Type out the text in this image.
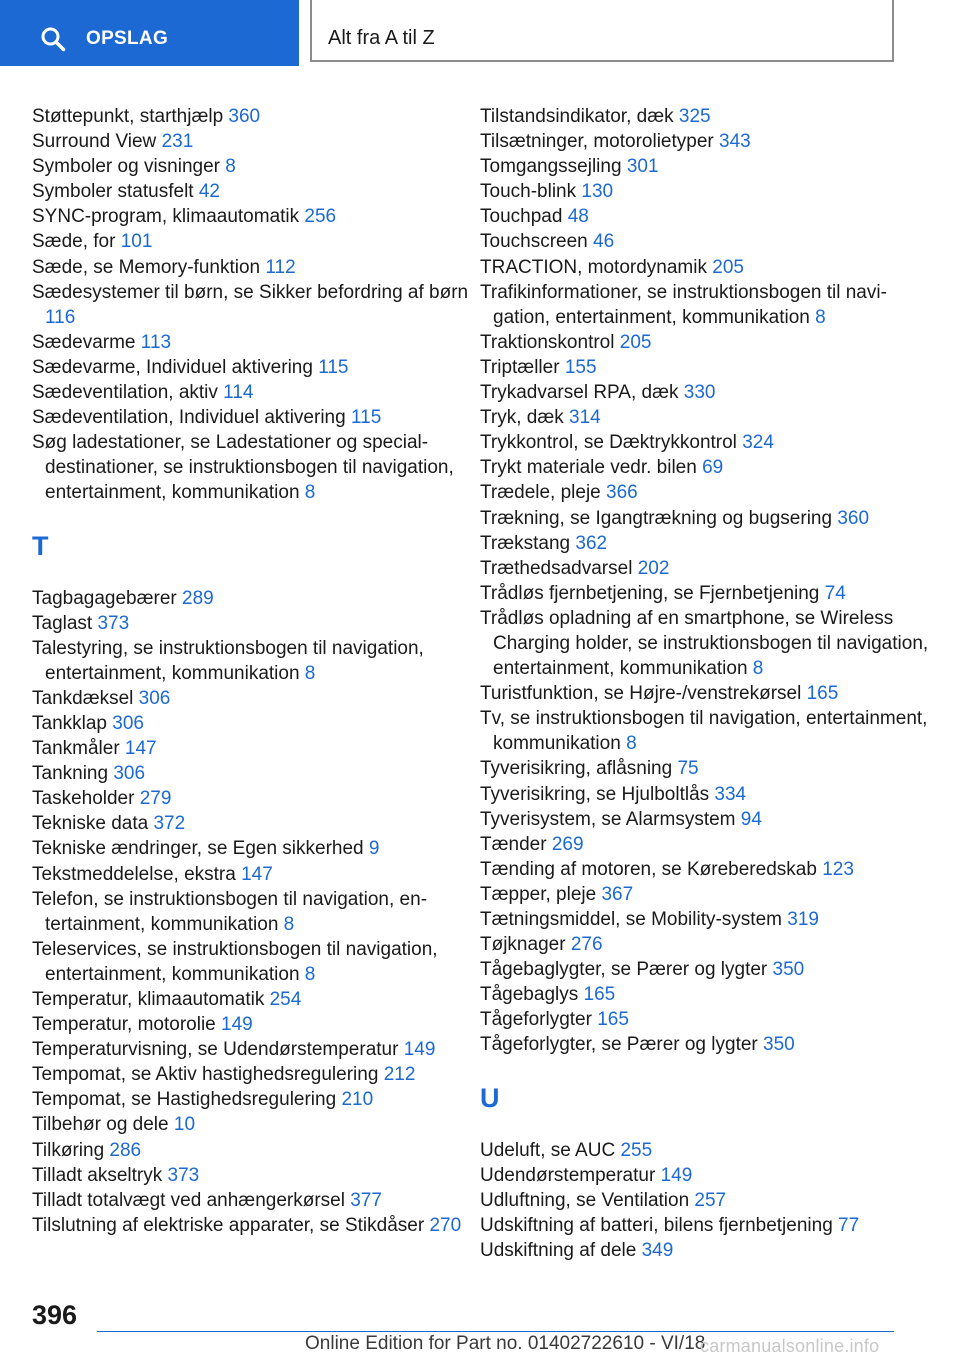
OPSLAG	Alt fra A til Z
Støttepunkt, starthjælp 360
Surround View 231
Symboler og visninger 8
Symboler statusfelt 42
SYNC-program, klimaautomatik 256
Sæde, for 101
Sæde, se Memory-funktion 112
Sædesystemer til børn, se Sikker befordring af børn 116
Sædevarme 113
Sædevarme, Individuel aktivering 115
Sædeventilation, aktiv 114
Sædeventilation, Individuel aktivering 115
Søg ladestationer, se Ladestationer og specialdestinationer, se instruktionsbogen til navigation, entertainment, kommunikation 8
T
Tagbagagebærer 289
Taglast 373
Talestyring, se instruktionsbogen til navigation, entertainment, kommunikation 8
Tankdæksel 306
Tankklap 306
Tankmåler 147
Tankning 306
Taskeholder 279
Tekniske data 372
Tekniske ændringer, se Egen sikkerhed 9
Tekstmeddelelse, ekstra 147
Telefon, se instruktionsbogen til navigation, entertainment, kommunikation 8
Teleservices, se instruktionsbogen til navigation, entertainment, kommunikation 8
Temperatur, klimaautomatik 254
Temperatur, motorolie 149
Temperaturvisning, se Udendørstemperatur 149
Tempomat, se Aktiv hastighedsregulering 212
Tempomat, se Hastighedsregulering 210
Tilbehør og dele 10
Tilkøring 286
Tilladt akseltryk 373
Tilladt totalvægt ved anhængerkørsel 377
Tilslutning af elektriske apparater, se Stikdåser 270
Tilstandsindikator, dæk 325
Tilsætninger, motorolietyper 343
Tomgangssejling 301
Touch-blink 130
Touchpad 48
Touchscreen 46
TRACTION, motordynamik 205
Trafikinformationer, se instruktionsbogen til navigation, entertainment, kommunikation 8
Traktionskontrol 205
Triptæller 155
Trykadvarsel RPA, dæk 330
Tryk, dæk 314
Trykkontrol, se Dæktrykkontrol 324
Trykt materiale vedr. bilen 69
Trædele, pleje 366
Trækning, se Igangtrækning og bugsering 360
Trækstang 362
Træthedsadvarsel 202
Trådløs fjernbetjening, se Fjernbetjening 74
Trådløs opladning af en smartphone, se Wireless Charging holder, se instruktionsbogen til navigation, entertainment, kommunikation 8
Turistfunktion, se Højre-/venstrekørsel 165
Tv, se instruktionsbogen til navigation, entertainment, kommunikation 8
Tyverisikring, aflåsning 75
Tyverisikring, se Hjulboltlås 334
Tyverisystem, se Alarmsystem 94
Tænder 269
Tænding af motoren, se Køreberedskab 123
Tæpper, pleje 367
Tætningsmiddel, se Mobility-system 319
Tøjknager 276
Tågebaglygter, se Pærer og lygter 350
Tågebaglys 165
Tågeforlygter 165
Tågeforlygter, se Pærer og lygter 350
U
Udeluft, se AUC 255
Udendørstemperatur 149
Udluftning, se Ventilation 257
Udskiftning af batteri, bilens fjernbetjening 77
Udskiftning af dele 349
396
Online Edition for Part no. 01402722610 - VI/18
carmanualsonline.info
